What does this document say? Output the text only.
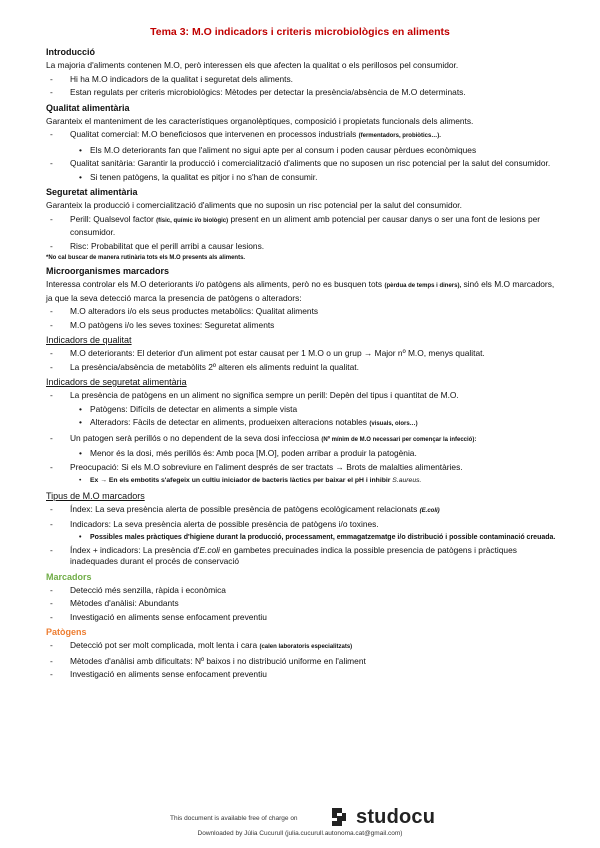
Tema 3: M.O indicadors i criteris microbiològics en aliments
Introducció
La majoria d'aliments contenen M.O, però interessen els que afecten la qualitat o els perillosos pel consumidor.
- Hi ha M.O indicadors de la qualitat i seguretat dels aliments.
- Estan regulats per criteris microbiològics: Mètodes per detectar la presència/absència de M.O determinats.
Qualitat alimentària
Garanteix el manteniment de les característiques organolèptiques, composició i propietats funcionals dels aliments.
- Qualitat comercial: M.O beneficiosos que intervenen en processos industrials (fermentadors, probiòtics…).
• Els M.O deteriorants fan que l'aliment no sigui apte per al consum i poden causar pèrdues econòmiques
- Qualitat sanitària: Garantir la producció i comercialització d'aliments que no suposen un risc potencial per la salut del consumidor.
• Si tenen patògens, la qualitat es pitjor i no s'han de consumir.
Seguretat alimentària
Garanteix la producció i comercialització d'aliments que no suposin un risc potencial per la salut del consumidor.
- Perill: Qualsevol factor (físic, químic i/o biològic) present en un aliment amb potencial per causar danys o ser una font de lesions per consumidor.
- Risc: Probabilitat que el perill arribi a causar lesions.
*No cal buscar de manera rutinària tots els M.O presents als aliments.
Microorganismes marcadors
Interessa controlar els M.O deteriorants i/o patògens als aliments, però no es busquen tots (pèrdua de temps i diners), sinó els M.O marcadors, ja que la seva detecció marca la presencia de patògens o alteradors:
- M.O alteradors i/o els seus productes metabòlics: Qualitat aliments
- M.O patògens i/o les seves toxines: Seguretat aliments
Indicadors de qualitat
- M.O deteriorants: El deterior d'un aliment pot estar causat per 1 M.O o un grup → Major nº M.O, menys qualitat.
- La presència/absència de metabòlits 2º alteren els aliments reduint la qualitat.
Indicadors de seguretat alimentària
- La presència de patògens en un aliment no significa sempre un perill: Depèn del tipus i quantitat de M.O.
• Patògens: Difícils de detectar en aliments a simple vista
• Alteradors: Fàcils de detectar en aliments, produeixen alteracions notables (visuals, olors…)
- Un patogen serà perillós o no dependent de la seva dosi infecciosa (Nº mínim de M.O necessari per començar la infecció):
• Menor és la dosi, més perillós és: Amb poca [M.O], poden arribar a produir la patogènia.
- Preocupació: Si els M.O sobreviure en l'aliment després de ser tractats → Brots de malalties alimentàries.
• Ex → En els embotits s'afegeix un cultiu iniciador de bacteris làctics per baixar el pH i inhibir S.aureus.
Tipus de M.O marcadors
- Índex: La seva presència alerta de possible presència de patògens ecològicament relacionats (E.coli)
- Indicadors: La seva presència alerta de possible presència de patògens i/o toxines.
• Possibles males pràctiques d'higiene durant la producció, processament, emmagatzematge i/o distribució i possible contaminació creuada.
- Índex + indicadors: La presència d'E.coli en gambetes precuinades indica la possible presencia de patògens i pràctiques inadequades durant el procés de conservació
Marcadors
- Detecció més senzilla, ràpida i econòmica
- Mètodes d'anàlisi: Abundants
- Investigació en aliments sense enfocament preventiu
Patògens
- Detecció pot ser molt complicada, molt lenta i cara (calen laboratoris especialitzats)
- Mètodes d'anàlisi amb dificultats: Nº baixos i no distribució uniforme en l'aliment
- Investigació en aliments sense enfocament preventiu
This document is available free of charge on	studocu
Downloaded by Júlia Cucurull (julia.cucurull.autonoma.cat@gmail.com)
